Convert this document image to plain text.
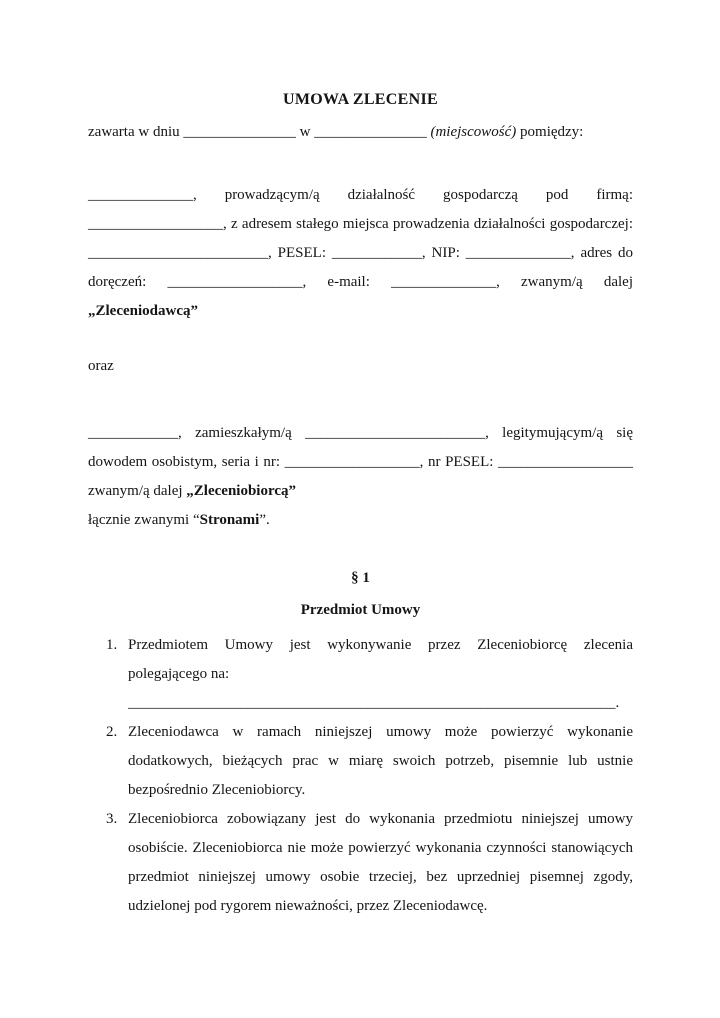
UMOWA ZLECENIE

zawarta w dniu _______________ w _______________ (miejscowość) pomiędzy:

______________, prowadzącym/ą działalność gospodarczą pod firmą: __________________, z adresem stałego miejsca prowadzenia działalności gospodarczej: ________________________, PESEL: ____________, NIP: ______________, adres do doręczeń: __________________, e-mail: ______________, zwanym/ą dalej „Zleceniodawcą”

oraz

____________, zamieszkałym/ą ________________________, legitymującym/ą się dowodem osobistym, seria i nr: __________________, nr PESEL: __________________ zwanym/ą dalej „Zleceniobiorcą”

łącznie zwanymi “Stronami”.

§ 1
Przedmiot Umowy
1. Przedmiotem Umowy jest wykonywanie przez Zleceniobiorcę zlecenia polegającego na:
_________________________________________________________________.
2. Zleceniodawca w ramach niniejszej umowy może powierzyć wykonanie dodatkowych, bieżących prac w miarę swoich potrzeb, pisemnie lub ustnie bezpośrednio Zleceniobiorcy.
3. Zleceniobiorca zobowiązany jest do wykonania przedmiotu niniejszej umowy osobiście. Zleceniobiorca nie może powierzyć wykonania czynności stanowiących przedmiot niniejszej umowy osobie trzeciej, bez uprzedniej pisemnej zgody, udzielonej pod rygorem nieważności, przez Zleceniodawcę.
